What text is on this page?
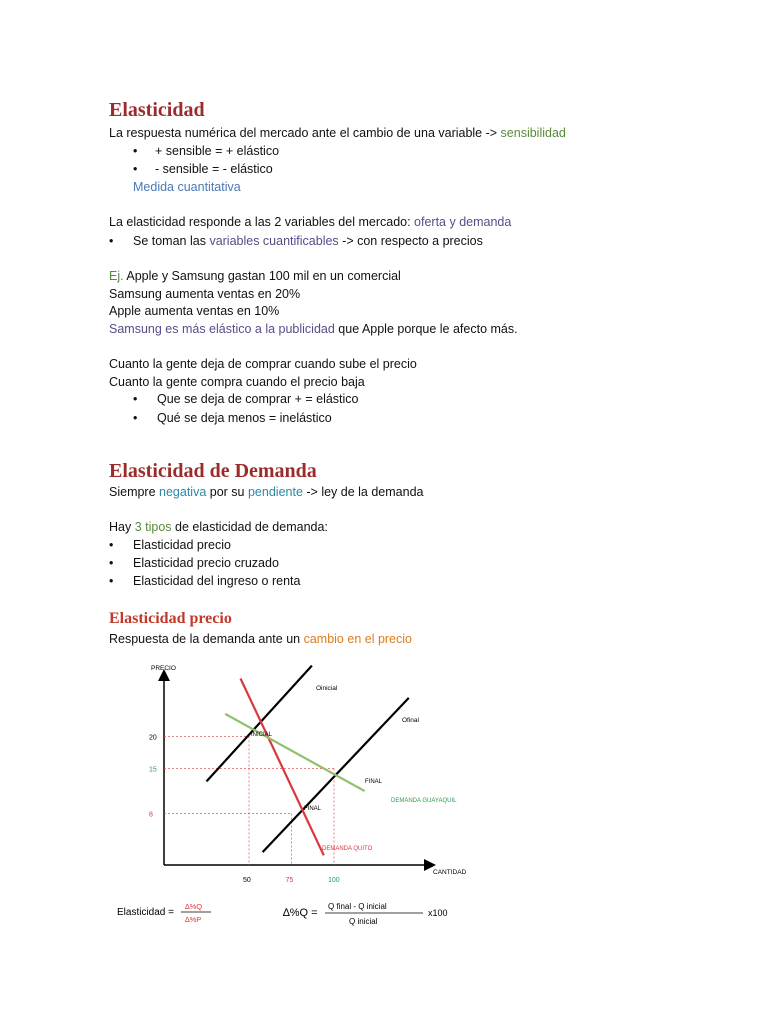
Elasticidad

La respuesta numérica del mercado ante el cambio de una variable -> sensibilidad

• + sensible = + elástico
• - sensible = - elástico

Medida cuantitativa

La elasticidad responde a las 2 variables del mercado: oferta y demanda

• Se toman las variables cuantificables -> con respecto a precios

Ej. Apple y Samsung gastan 100 mil en un comercial

Samsung aumenta ventas en 20%

Apple aumenta ventas en 10%

Samsung es más elástico a la publicidad que Apple porque le afecto más.

Cuanto la gente deja de comprar cuando sube el precio

Cuanto la gente compra cuando el precio baja

• Que se deja de comprar + = elástico
• Qué se deja menos = inelástico
Elasticidad de Demanda

Siempre negativa por su pendiente -> ley de la demanda

Hay 3 tipos de elasticidad de demanda:

• Elasticidad precio
• Elasticidad precio cruzado
• Elasticidad del ingreso o renta
Elasticidad precio

Respuesta de la demanda ante un cambio en el precio

PRECIO
CANTIDAD
20
15
8
50	75	100
Oinicial
Ofinal
INICIAL
FINAL
FINAL
DEMANDA QUITO
DEMANDA GUAYAQUIL
Elasticidad =
∆%Q
∆%P
∆%Q =
Q final - Q inicial
Q inicial
x100
